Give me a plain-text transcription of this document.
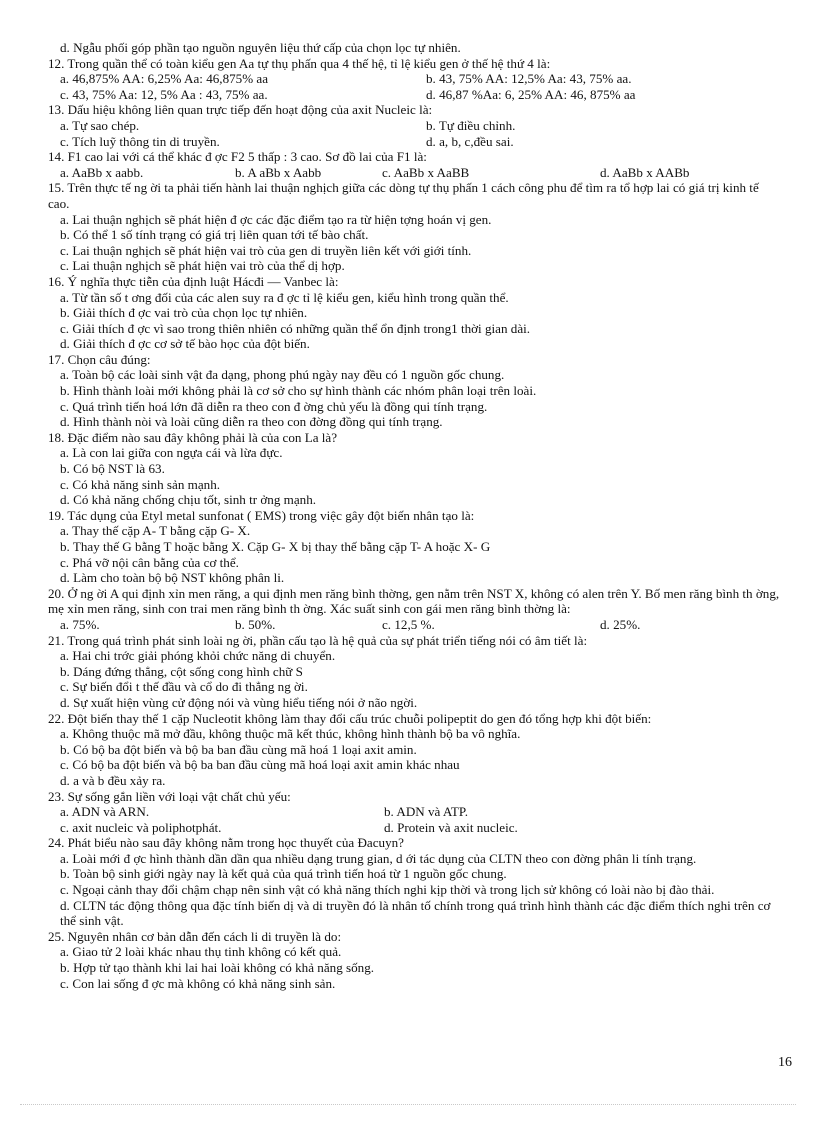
d. Ngẫu phối góp phần tạo nguồn nguyên liệu thứ cấp của chọn lọc tự nhiên.
12. Trong quần thể có toàn kiểu gen Aa tự thụ phấn qua 4 thế hệ, tỉ lệ kiểu gen ở thế hệ thứ 4 là:
a. 46,875% AA: 6,25% Aa: 46,875% aa	b. 43, 75% AA: 12,5% Aa: 43, 75% aa.
c. 43, 75% Aa: 12, 5% Aa : 43, 75% aa.	d. 46,87 %Aa: 6, 25% AA: 46, 875% aa
13. Dấu hiệu không liên quan trực tiếp đến hoạt động của axit Nucleic là:
a. Tự sao chép.	b. Tự điều chỉnh.
c. Tích luỹ thông tin di truyền.	d. a, b, c,đều sai.
14. F1 cao lai với cá thể khác đ ợc F2 5 thấp : 3 cao. Sơ đồ lai của F1 là:
a. AaBb x aabb.	b. A aBb x Aabb	c. AaBb x AaBB	d. AaBb x AABb
15. Trên thực tế ng ời ta phải tiến hành lai thuận nghịch giữa các dòng tự thụ phấn 1 cách công phu để tìm ra tổ hợp lai có giá trị kinh tế cao.
a. Lai thuận nghịch sẽ phát hiện đ ợc các đặc điểm tạo ra từ hiện tợng hoán vị gen.
b. Có thể 1 số tính trạng có giá trị liên quan tới tế bào chất.
c. Lai thuận nghịch sẽ phát hiện vai trò của gen di truyền liên kết với giới tính.
c. Lai thuận nghịch sẽ phát hiện vai trò của thể dị hợp.
16. Ý nghĩa thực tiễn của định luật Hácđi — Vanbec là:
a. Từ tần số t ơng đối của các alen suy ra đ ợc tỉ lệ kiểu gen, kiểu hình trong quần thể.
b. Giải thích đ ợc vai trò của chọn lọc tự nhiên.
c. Giải thích đ ợc vì sao trong thiên nhiên có những quần thể ổn định trong1 thời gian dài.
d. Giải thích đ ợc cơ sở tế bào học của đột biến.
17. Chọn câu đúng:
a. Toàn bộ các loài sinh vật đa dạng, phong phú ngày nay đều có 1 nguồn gốc chung.
b. Hình thành loài mới không phải là cơ sở cho sự hình thành các nhóm phân loại trên loài.
c. Quá trình tiến hoá lớn đã diễn ra theo con đ ờng chủ yếu là đồng qui tính trạng.
d. Hình thành nòi và loài cũng diễn ra theo con đờng đồng qui tính trạng.
18. Đặc điểm nào sau đây không phải là của con La là?
a. Là con lai giữa con ngựa cái và lừa đực.
b. Có bộ NST là 63.
c. Có khả năng sinh sản mạnh.
d. Có khả năng chống chịu tốt, sinh tr ởng mạnh.
19. Tác dụng của Etyl metal sunfonat ( EMS) trong việc gây đột biến nhân tạo là:
a. Thay thế cặp A- T bằng cặp G- X.
b. Thay thế G bằng T hoặc bằng X. Cặp G- X bị thay thế bằng cặp T- A hoặc X- G
c. Phá vỡ nội cân bằng của cơ thể.
d. Làm cho toàn bộ bộ NST không phân li.
20. Ở ng ời A qui định xỉn men răng, a qui định men răng bình thờng, gen nằm trên NST X, không có alen trên Y. Bố men răng bình th ờng, mẹ xỉn men răng, sinh con trai men răng bình th ờng. Xác suất sinh con gái men răng bình thờng là:
a. 75%.	b. 50%.	c. 12,5 %.	d. 25%.
21. Trong quá trình phát sinh loài ng ời, phần cấu tạo là hệ quả của sự phát triển tiếng nói có âm tiết là:
a. Hai chi trớc giải phóng khỏi chức năng di chuyển.
b. Dáng đứng thẳng, cột sống cong hình chữ S
c. Sự biến đổi t thế đầu và cổ do đi thẳng ng ời.
d. Sự xuất hiện vùng cử động nói và vùng hiểu tiếng nói ở não ngời.
22. Đột biến thay thế 1 cặp Nucleotit không làm thay đổi cấu trúc chuỗi polipeptit do gen đó tổng hợp khi đột biến:
a. Không thuộc mã mở đầu, không thuộc mã kết thúc, không hình thành bộ ba vô nghĩa.
b. Có bộ ba đột biến và bộ ba ban đầu cùng mã hoá 1 loại axit amin.
c. Có bộ ba đột biến và bộ ba ban đầu cùng mã hoá loại axit amin khác nhau
d. a và b đều xảy ra.
23. Sự sống gắn liền với loại vật chất chủ yếu:
a. ADN và ARN.	b. ADN và ATP.
c. axit nucleic và poliphotphát.	d. Protein và axit nucleic.
24. Phát biểu nào sau đây không nằm trong học thuyết của Đacuyn?
a. Loài mới đ ợc hình thành dần dần qua nhiều dạng trung gian, d ới tác dụng của CLTN theo con đờng phân li tính trạng.
b. Toàn bộ sinh giới ngày nay là kết quả của quá trình tiến hoá từ 1 nguồn gốc chung.
c. Ngoại cảnh thay đổi chậm chạp nên sinh vật có khả năng thích nghi kịp thời và trong lịch sử không có loài nào bị đào thải.
d. CLTN tác động thông qua đặc tính biến dị và di truyền đó là nhân tố chính trong quá trình hình thành các đặc điểm thích nghi trên cơ thể sinh vật.
25. Nguyên nhân cơ bản dẫn đến cách li di truyền là do:
a. Giao tử 2 loài khác nhau thụ tinh không có kết quả.
b. Hợp tử tạo thành khi lai hai loài không có khả năng sống.
c. Con lai sống đ ợc mà không có khả năng sinh sản.
16
